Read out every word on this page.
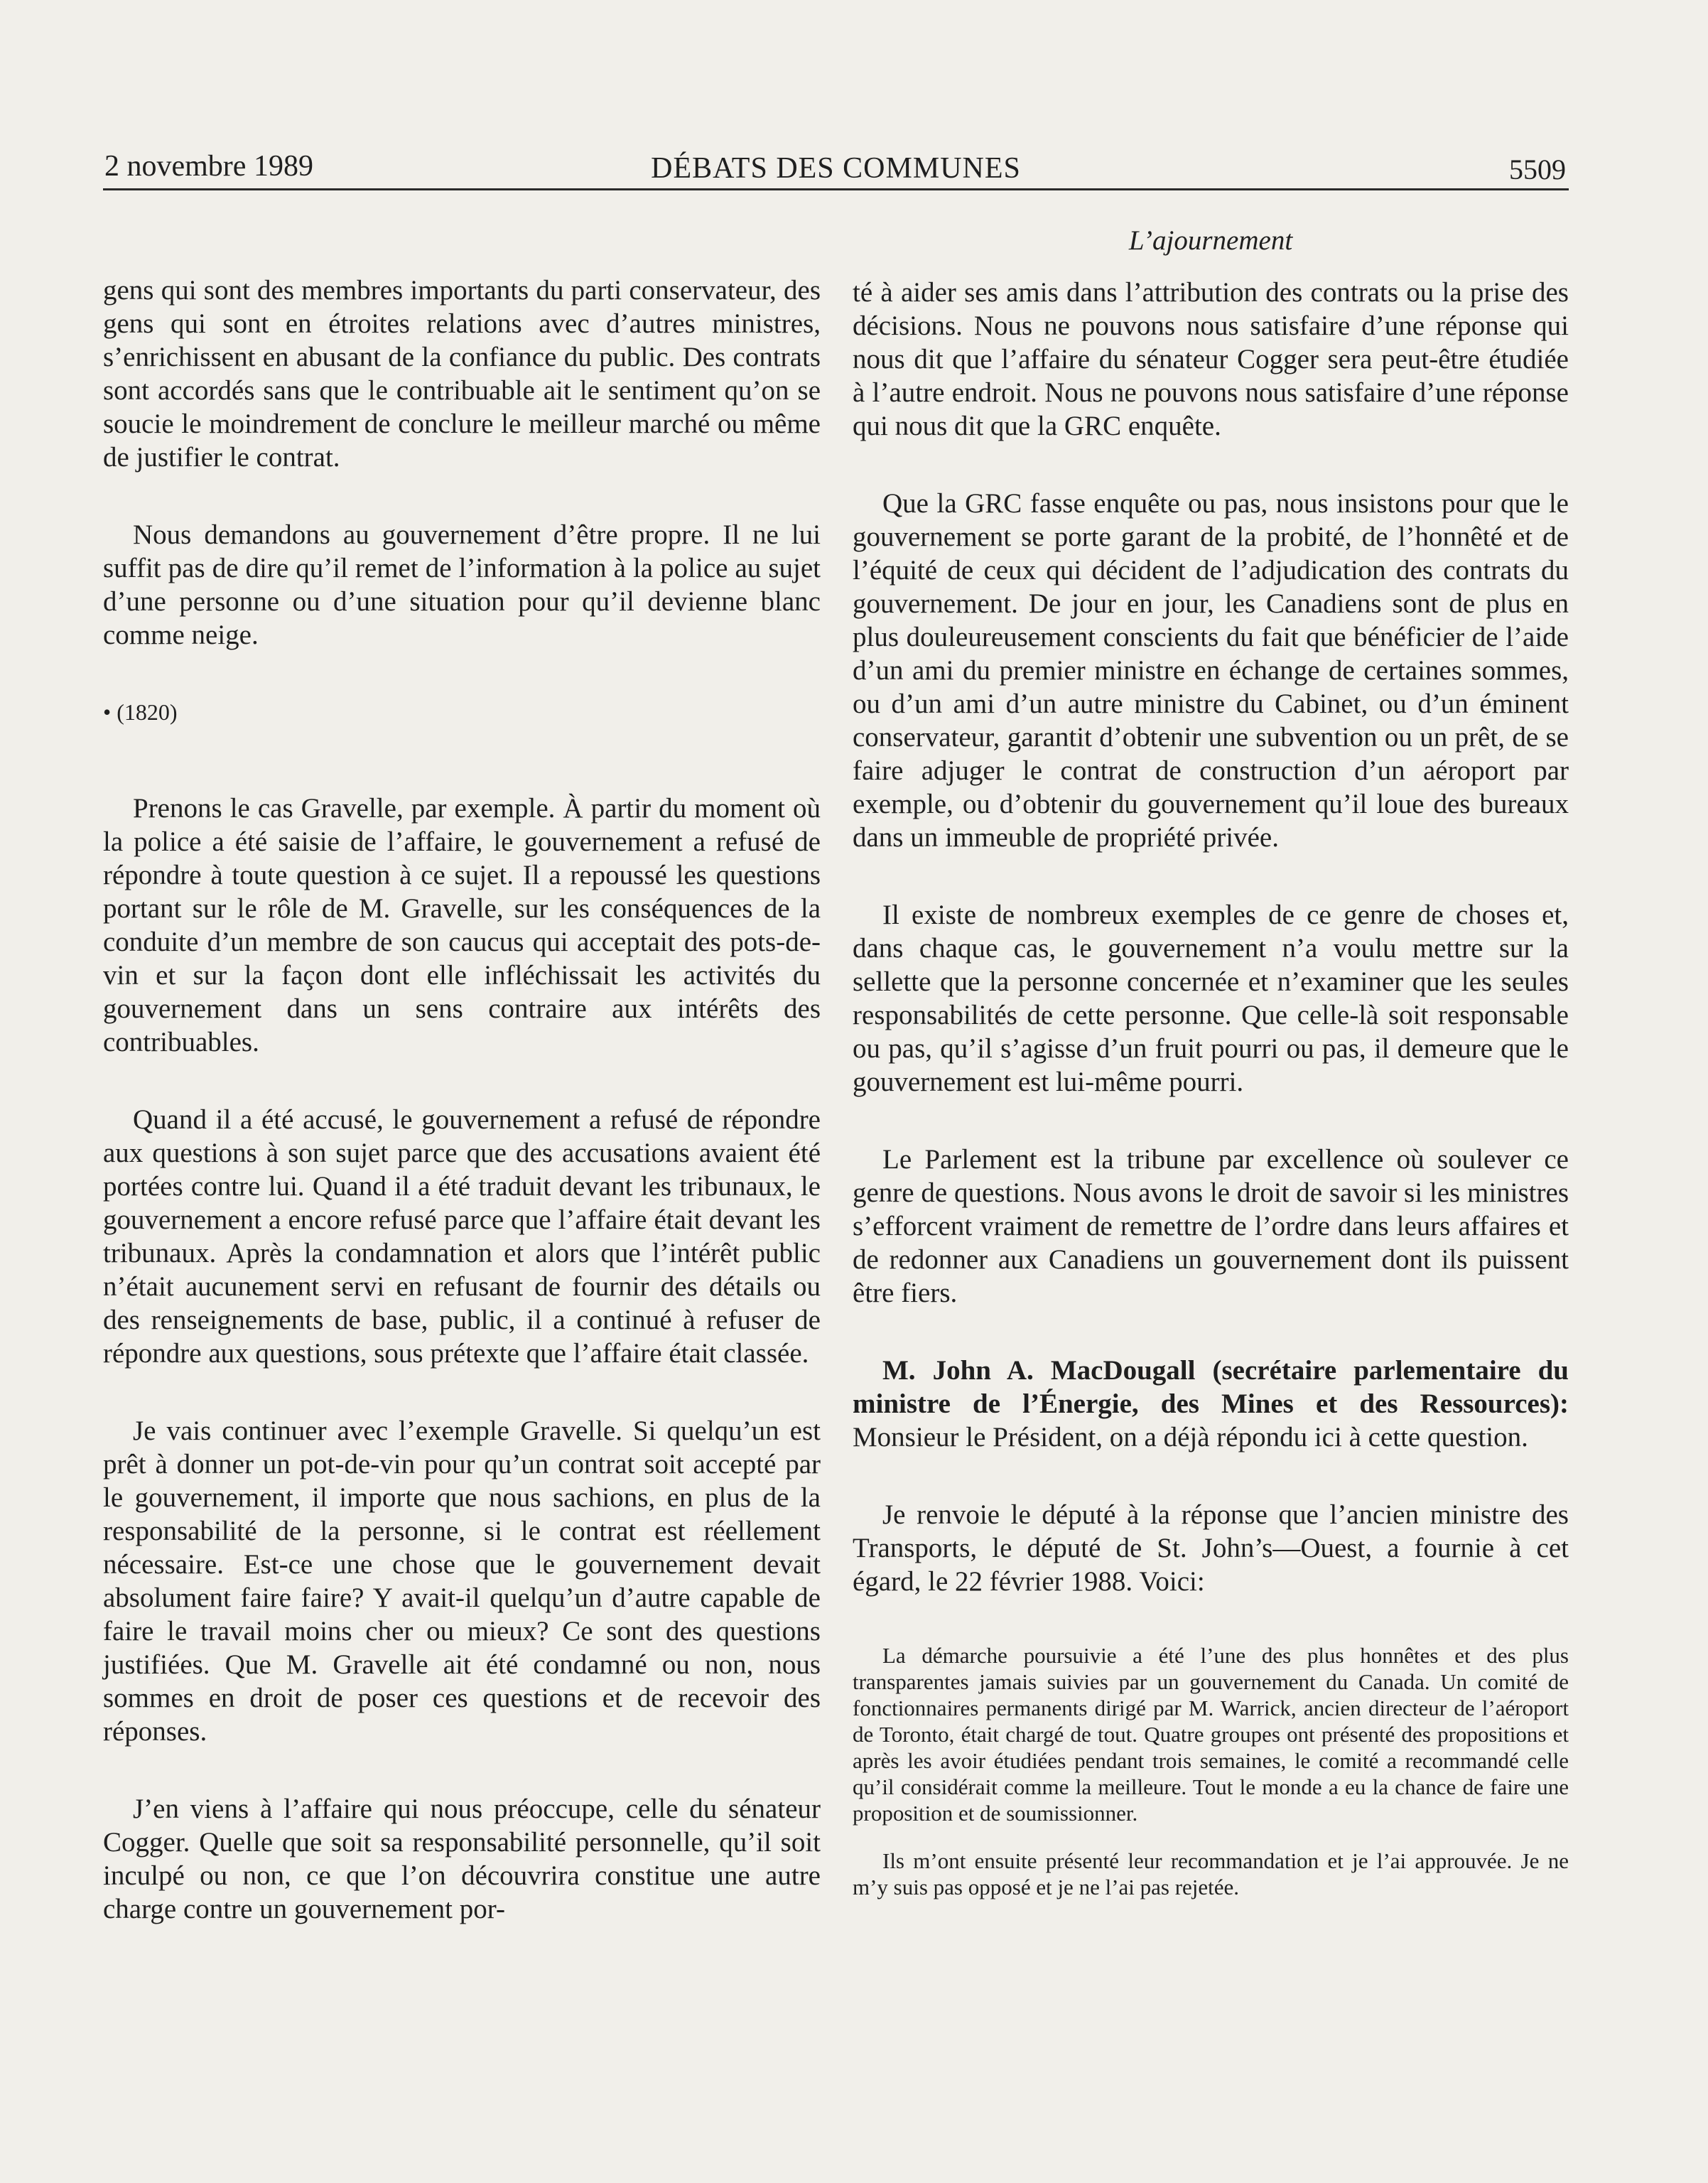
2 novembre 1989	DÉBATS DES COMMUNES	5509

gens qui sont des membres importants du parti conservateur, des gens qui sont en étroites relations avec d’autres ministres, s’enrichissent en abusant de la confiance du public. Des contrats sont accordés sans que le contribuable ait le sentiment qu’on se soucie le moindrement de conclure le meilleur marché ou même de justifier le contrat.

Nous demandons au gouvernement d’être propre. Il ne lui suffit pas de dire qu’il remet de l’information à la police au sujet d’une personne ou d’une situation pour qu’il devienne blanc comme neige.

• (1820)

Prenons le cas Gravelle, par exemple. À partir du moment où la police a été saisie de l’affaire, le gouvernement a refusé de répondre à toute question à ce sujet. Il a repoussé les questions portant sur le rôle de M. Gravelle, sur les conséquences de la conduite d’un membre de son caucus qui acceptait des pots-de-vin et sur la façon dont elle infléchissait les activités du gouvernement dans un sens contraire aux intérêts des contribuables.

Quand il a été accusé, le gouvernement a refusé de répondre aux questions à son sujet parce que des accusations avaient été portées contre lui. Quand il a été traduit devant les tribunaux, le gouvernement a encore refusé parce que l’affaire était devant les tribunaux. Après la condamnation et alors que l’intérêt public n’était aucunement servi en refusant de fournir des détails ou des renseignements de base, public, il a continué à refuser de répondre aux questions, sous prétexte que l’affaire était classée.

Je vais continuer avec l’exemple Gravelle. Si quelqu’un est prêt à donner un pot-de-vin pour qu’un contrat soit accepté par le gouvernement, il importe que nous sachions, en plus de la responsabilité de la personne, si le contrat est réellement nécessaire. Est-ce une chose que le gouvernement devait absolument faire faire? Y avait-il quelqu’un d’autre capable de faire le travail moins cher ou mieux? Ce sont des questions justifiées. Que M. Gravelle ait été condamné ou non, nous sommes en droit de poser ces questions et de recevoir des réponses.

J’en viens à l’affaire qui nous préoccupe, celle du sénateur Cogger. Quelle que soit sa responsabilité personnelle, qu’il soit inculpé ou non, ce que l’on découvrira constitue une autre charge contre un gouvernement por-

L’ajournement

té à aider ses amis dans l’attribution des contrats ou la prise des décisions. Nous ne pouvons nous satisfaire d’une réponse qui nous dit que l’affaire du sénateur Cogger sera peut-être étudiée à l’autre endroit. Nous ne pouvons nous satisfaire d’une réponse qui nous dit que la GRC enquête.

Que la GRC fasse enquête ou pas, nous insistons pour que le gouvernement se porte garant de la probité, de l’honnêté et de l’équité de ceux qui décident de l’adjudication des contrats du gouvernement. De jour en jour, les Canadiens sont de plus en plus douleureusement conscients du fait que bénéficier de l’aide d’un ami du premier ministre en échange de certaines sommes, ou d’un ami d’un autre ministre du Cabinet, ou d’un éminent conservateur, garantit d’obtenir une subvention ou un prêt, de se faire adjuger le contrat de construction d’un aéroport par exemple, ou d’obtenir du gouvernement qu’il loue des bureaux dans un immeuble de propriété privée.

Il existe de nombreux exemples de ce genre de choses et, dans chaque cas, le gouvernement n’a voulu mettre sur la sellette que la personne concernée et n’examiner que les seules responsabilités de cette personne. Que celle-là soit responsable ou pas, qu’il s’agisse d’un fruit pourri ou pas, il demeure que le gouvernement est lui-même pourri.

Le Parlement est la tribune par excellence où soulever ce genre de questions. Nous avons le droit de savoir si les ministres s’efforcent vraiment de remettre de l’ordre dans leurs affaires et de redonner aux Canadiens un gouvernement dont ils puissent être fiers.

M. John A. MacDougall (secrétaire parlementaire du ministre de l’Énergie, des Mines et des Ressources): Monsieur le Président, on a déjà répondu ici à cette question.

Je renvoie le député à la réponse que l’ancien ministre des Transports, le député de St. John’s—Ouest, a fournie à cet égard, le 22 février 1988. Voici:

La démarche poursuivie a été l’une des plus honnêtes et des plus transparentes jamais suivies par un gouvernement du Canada. Un comité de fonctionnaires permanents dirigé par M. Warrick, ancien directeur de l’aéroport de Toronto, était chargé de tout. Quatre groupes ont présenté des propositions et après les avoir étudiées pendant trois semaines, le comité a recommandé celle qu’il considérait comme la meilleure. Tout le monde a eu la chance de faire une proposition et de soumissionner.
Ils m’ont ensuite présenté leur recommandation et je l’ai approuvée. Je ne m’y suis pas opposé et je ne l’ai pas rejetée.
